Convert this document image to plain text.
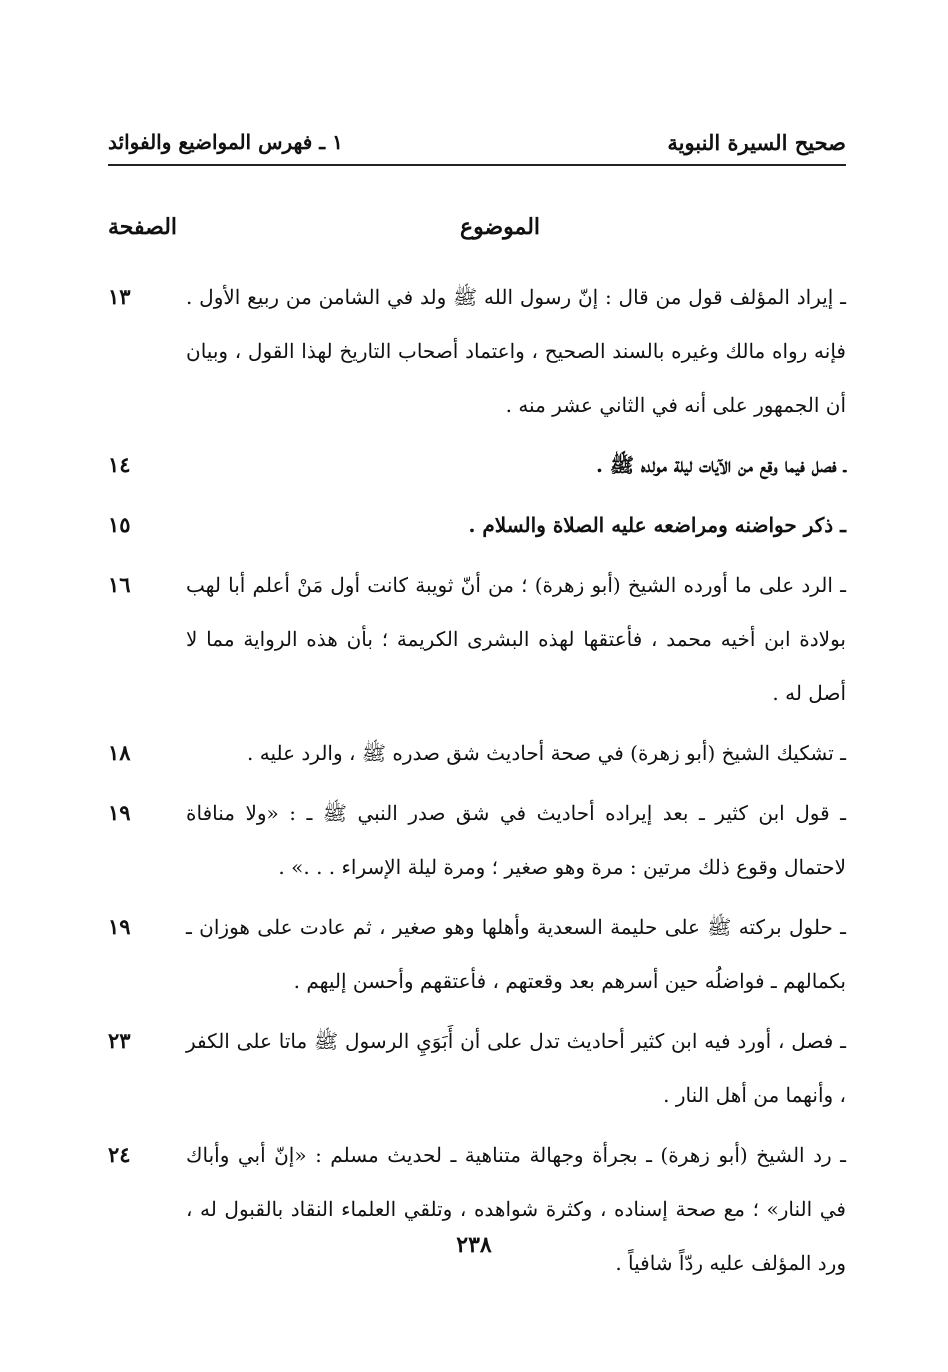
صحيح السيرة النبوية
١ ـ فهرس المواضيع والفوائد
الموضوع
الصفحة
ـ إيراد المؤلف قول من قال : إنّ رسول الله ﷺ ولد في الشامن من ربيع الأول . فإنه رواه مالك وغيره بالسند الصحيح ، واعتماد أصحاب التاريخ لهذا القول ، وبيان أن الجمهور على أنه في الثاني عشر منه .
١٣
ـ فصل فيما وقع من الآيات ليلة مولده ﷺ .
١٤
ـ ذكر حواضنه ومراضعه عليه الصلاة والسلام .
١٥
ـ الرد على ما أورده الشيخ (أبو زهرة) ؛ من أنّ ثويبة كانت أول مَنْ أعلم أبا لهب بولادة ابن أخيه محمد ، فأعتقها لهذه البشرى الكريمة ؛ بأن هذه الرواية مما لا أصل له .
١٦
ـ تشكيك الشيخ (أبو زهرة) في صحة أحاديث شق صدره ﷺ ، والرد عليه .
١٨
ـ قول ابن كثير ـ بعد إيراده أحاديث في شق صدر النبي ﷺ ـ : «ولا منافاة لاحتمال وقوع ذلك مرتين : مرة وهو صغير ؛ ومرة ليلة الإسراء . . .» .
١٩
ـ حلول بركته ﷺ على حليمة السعدية وأهلها وهو صغير ، ثم عادت على هوزان ـ بكمالهم ـ فواضلُه حين أسرهم بعد وقعتهم ، فأعتقهم وأحسن إليهم .
١٩
ـ فصل ، أورد فيه ابن كثير أحاديث تدل على أن أَبَوَيِ الرسول ﷺ ماتا على الكفر ، وأنهما من أهل النار .
٢٣
ـ رد الشيخ (أبو زهرة) ـ بجرأة وجهالة متناهية ـ لحديث مسلم : «إنّ أبي وأباك في النار» ؛ مع صحة إسناده ، وكثرة شواهده ، وتلقي العلماء النقاد بالقبول له ، ورد المؤلف عليه ردّاً شافياً .
٢٤
٢٣٨
